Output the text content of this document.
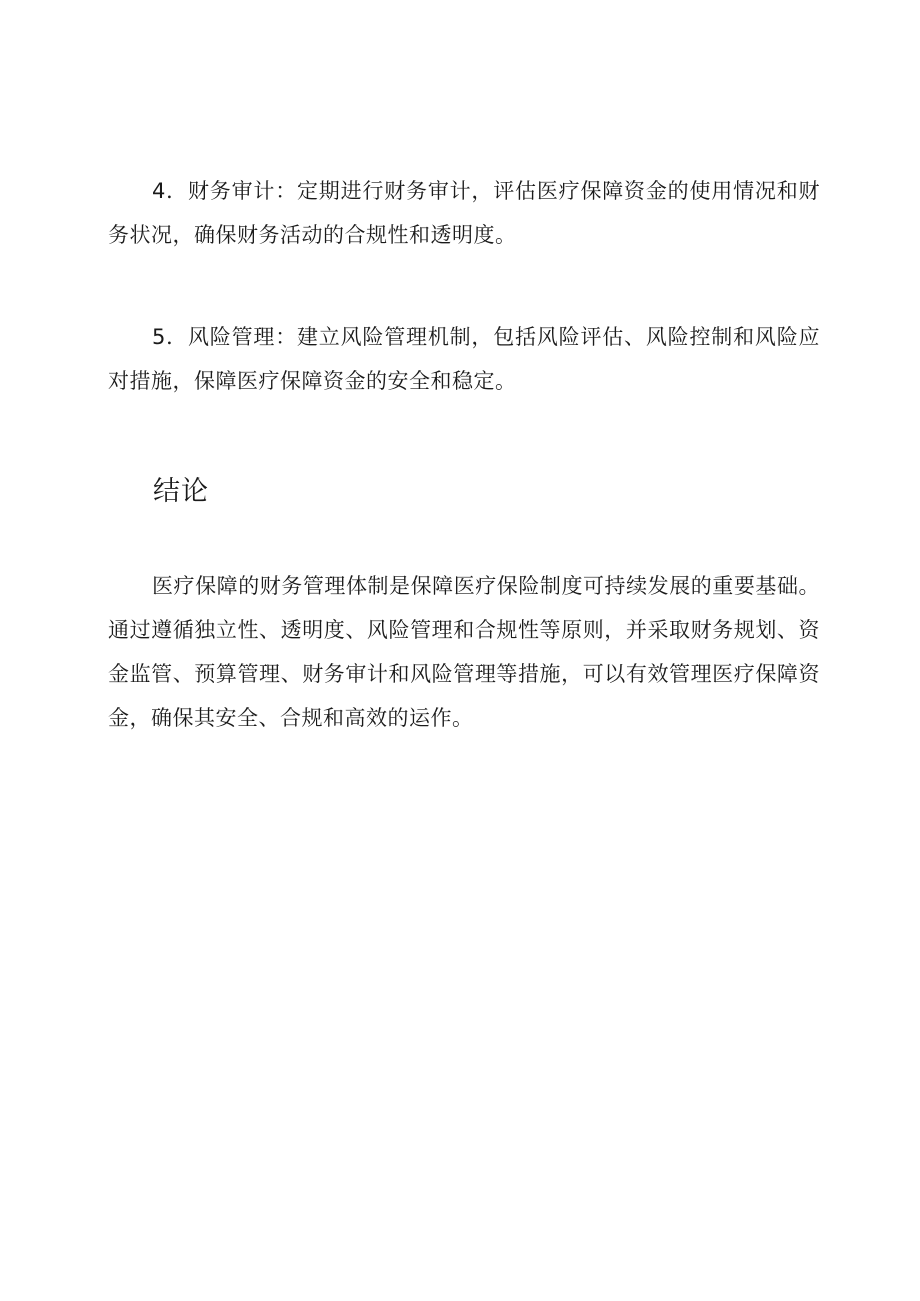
4．财务审计：定期进行财务审计，评估医疗保障资金的使用情况和财务状况，确保财务活动的合规性和透明度。

5．风险管理：建立风险管理机制，包括风险评估、风险控制和风险应对措施，保障医疗保障资金的安全和稳定。

结论

医疗保障的财务管理体制是保障医疗保险制度可持续发展的重要基础。通过遵循独立性、透明度、风险管理和合规性等原则，并采取财务规划、资金监管、预算管理、财务审计和风险管理等措施，可以有效管理医疗保障资金，确保其安全、合规和高效的运作。
